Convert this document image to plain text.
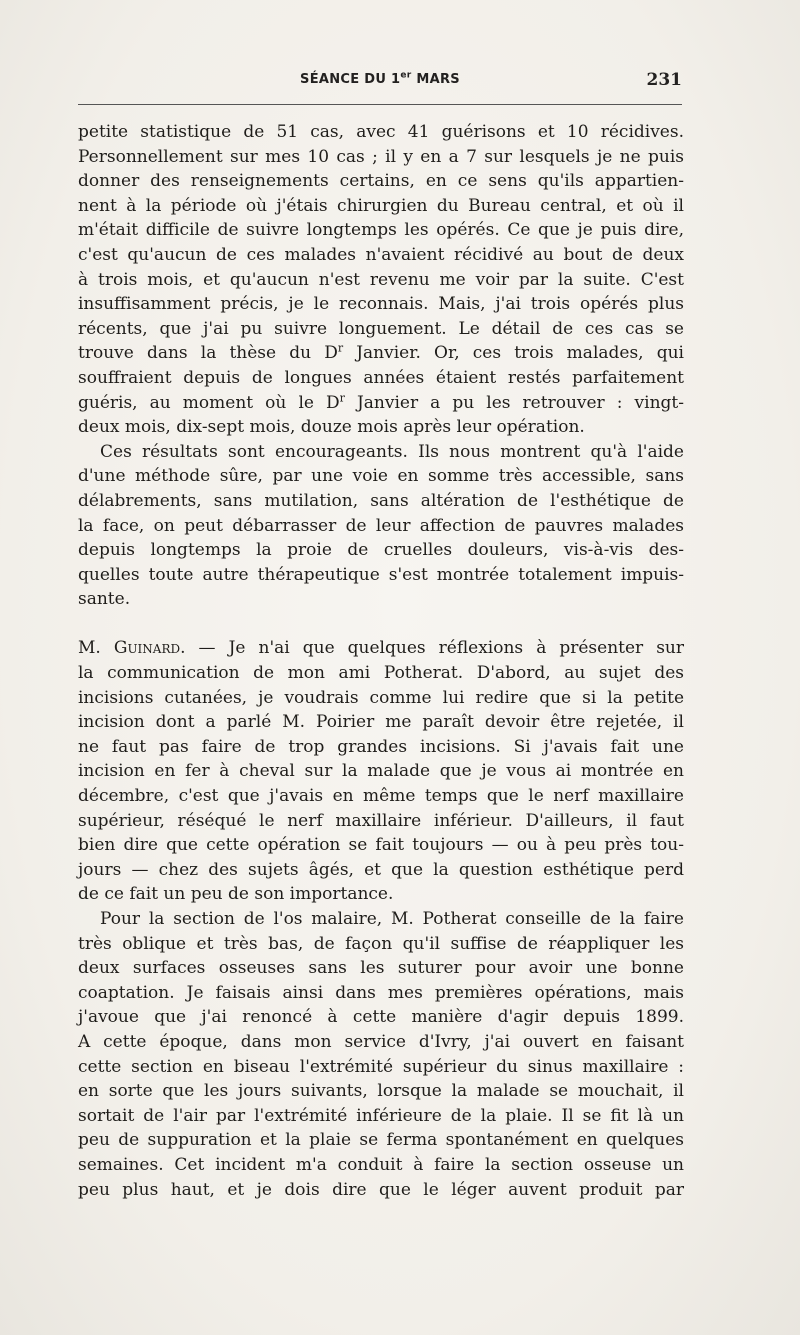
SÉANCE DU 1er MARS	231
petite statistique de 51 cas, avec 41 guérisons et 10 récidives.
Personnellement sur mes 10 cas ; il y en a 7 sur lesquels je ne puis
donner des renseignements certains, en ce sens qu'ils appartien-
nent à la période où j'étais chirurgien du Bureau central, et où il
m'était difficile de suivre longtemps les opérés. Ce que je puis dire,
c'est qu'aucun de ces malades n'avaient récidivé au bout de deux
à trois mois, et qu'aucun n'est revenu me voir par la suite. C'est
insuffisamment précis, je le reconnais. Mais, j'ai trois opérés plus
récents, que j'ai pu suivre longuement. Le détail de ces cas se
trouve dans la thèse du $D^r$ Janvier. Or, ces trois malades, qui
souffraient depuis de longues années étaient restés parfaitement
guéris, au moment où le $D^r$ Janvier a pu les retrouver : vingt-
deux mois, dix-sept mois, douze mois après leur opération.
Ces résultats sont encourageants. Ils nous montrent qu'à l'aide
d'une méthode sûre, par une voie en somme très accessible, sans
délabrements, sans mutilation, sans altération de l'esthétique de
la face, on peut débarrasser de leur affection de pauvres malades
depuis longtemps la proie de cruelles douleurs, vis-à-vis des-
quelles toute autre thérapeutique s'est montrée totalement impuis-
sante.
M. Guinard. — Je n'ai que quelques réflexions à présenter sur
la communication de mon ami Potherat. D'abord, au sujet des
incisions cutanées, je voudrais comme lui redire que si la petite
incision dont a parlé M. Poirier me paraît devoir être rejetée, il
ne faut pas faire de trop grandes incisions. Si j'avais fait une
incision en fer à cheval sur la malade que je vous ai montrée en
décembre, c'est que j'avais en même temps que le nerf maxillaire
supérieur, réséqué le nerf maxillaire inférieur. D'ailleurs, il faut
bien dire que cette opération se fait toujours — ou à peu près tou-
jours — chez des sujets âgés, et que la question esthétique perd
de ce fait un peu de son importance.
Pour la section de l'os malaire, M. Potherat conseille de la faire
très oblique et très bas, de façon qu'il suffise de réappliquer les
deux surfaces osseuses sans les suturer pour avoir une bonne
coaptation. Je faisais ainsi dans mes premières opérations, mais
j'avoue que j'ai renoncé à cette manière d'agir depuis 1899.
A cette époque, dans mon service d'Ivry, j'ai ouvert en faisant
cette section en biseau l'extrémité supérieur du sinus maxillaire :
en sorte que les jours suivants, lorsque la malade se mouchait, il
sortait de l'air par l'extrémité inférieure de la plaie. Il se fit là un
peu de suppuration et la plaie se ferma spontanément en quelques
semaines. Cet incident m'a conduit à faire la section osseuse un
peu plus haut, et je dois dire que le léger auvent produit par
